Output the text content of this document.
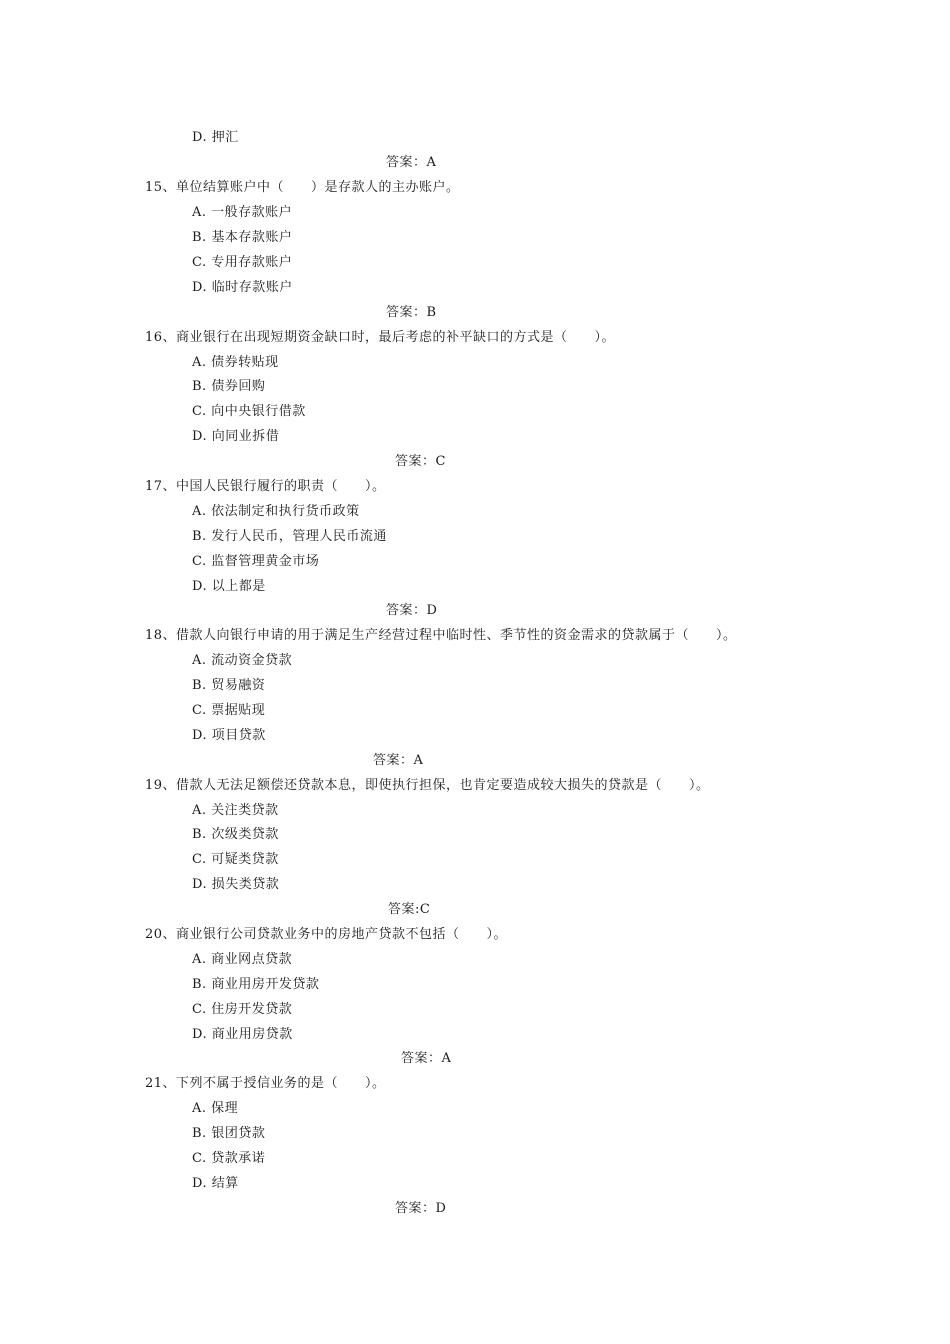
D. 押汇
答案：A
15、单位结算账户中（　　）是存款人的主办账户。
A. 一般存款账户
B. 基本存款账户
C. 专用存款账户
D. 临时存款账户
答案：B
16、商业银行在出现短期资金缺口时，最后考虑的补平缺口的方式是（　　）。
A. 债券转贴现
B. 债券回购
C. 向中央银行借款
D. 向同业拆借
答案：C
17、中国人民银行履行的职责（　　）。
A. 依法制定和执行货币政策
B. 发行人民币，管理人民币流通
C. 监督管理黄金市场
D. 以上都是
答案：D
18、借款人向银行申请的用于满足生产经营过程中临时性、季节性的资金需求的贷款属于（　　）。
A. 流动资金贷款
B. 贸易融资
C. 票据贴现
D. 项目贷款
答案：A
19、借款人无法足额偿还贷款本息，即使执行担保，也肯定要造成较大损失的贷款是（　　）。
A. 关注类贷款
B. 次级类贷款
C. 可疑类贷款
D. 损失类贷款
答案:C
20、商业银行公司贷款业务中的房地产贷款不包括（　　）。
A. 商业网点贷款
B. 商业用房开发贷款
C. 住房开发贷款
D. 商业用房贷款
答案：A
21、下列不属于授信业务的是（　　）。
A. 保理
B. 银团贷款
C. 贷款承诺
D. 结算
答案：D
